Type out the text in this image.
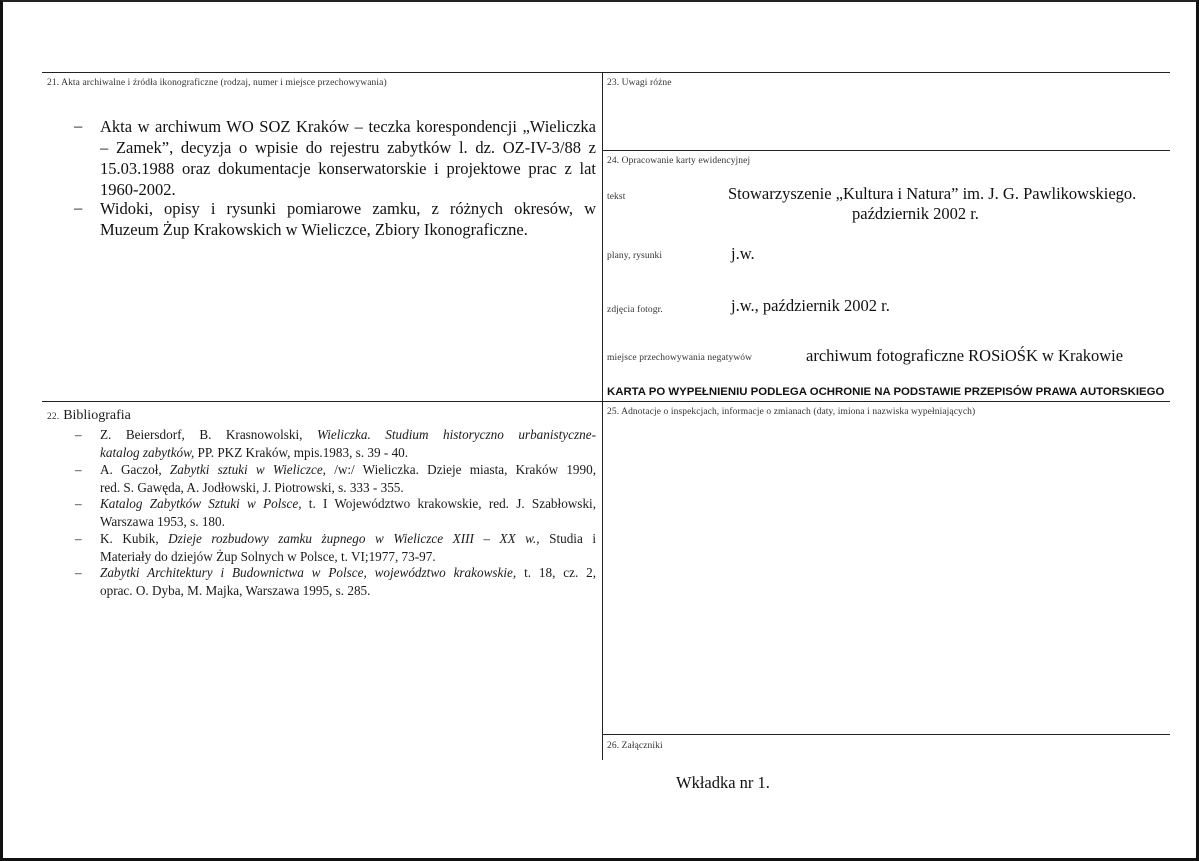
21. Akta archiwalne i źródła ikonograficzne (rodzaj, numer i miejsce przechowywania)
– Akta w archiwum WO SOZ Kraków – teczka korespondencji „Wieliczka
– Zamek”, decyzja o wpisie do rejestru zabytków l. dz. OZ-IV-3/88 z
15.03.1988 oraz dokumentacje konserwatorskie i projektowe prac z lat
1960-2002.
– Widoki, opisy i rysunki pomiarowe zamku, z różnych okresów, w
Muzeum Żup Krakowskich w Wieliczce, Zbiory Ikonograficzne.
22. Bibliografia
– Z. Beiersdorf, B. Krasnowolski, Wieliczka. Studium historyczno urbanistyczne-
katalog zabytków, PP. PKZ Kraków, mpis.1983, s. 39 - 40.
– A. Gaczoł, Zabytki sztuki w Wieliczce, /w:/ Wieliczka. Dzieje miasta, Kraków 1990,
red. S. Gawęda, A. Jodłowski, J. Piotrowski, s. 333 - 355.
– Katalog Zabytków Sztuki w Polsce, t. I Województwo krakowskie, red. J. Szabłowski,
Warszawa 1953, s. 180.
– K. Kubik, Dzieje rozbudowy zamku żupnego w Wieliczce XIII – XX w., Studia i
Materiały do dziejów Żup Solnych w Polsce, t. VI;1977, 73-97.
– Zabytki Architektury i Budownictwa w Polsce, województwo krakowskie, t. 18, cz. 2,
oprac. O. Dyba, M. Majka, Warszawa 1995, s. 285.
23. Uwagi różne
24. Opracowanie karty ewidencyjnej
tekst	Stowarzyszenie „Kultura i Natura” im. J. G. Pawlikowskiego.
październik 2002 r.
plany, rysunki	j.w.
zdjęcia fotogr.	j.w., październik 2002 r.
miejsce przechowywania negatywów	archiwum fotograficzne ROSiOŚK w Krakowie
KARTA PO WYPEŁNIENIU PODLEGA OCHRONIE NA PODSTAWIE PRZEPISÓW PRAWA AUTORSKIEGO
25. Adnotacje o inspekcjach, informacje o zmianach (daty, imiona i nazwiska wypełniających)
26. Załączniki
Wkładka nr 1.
